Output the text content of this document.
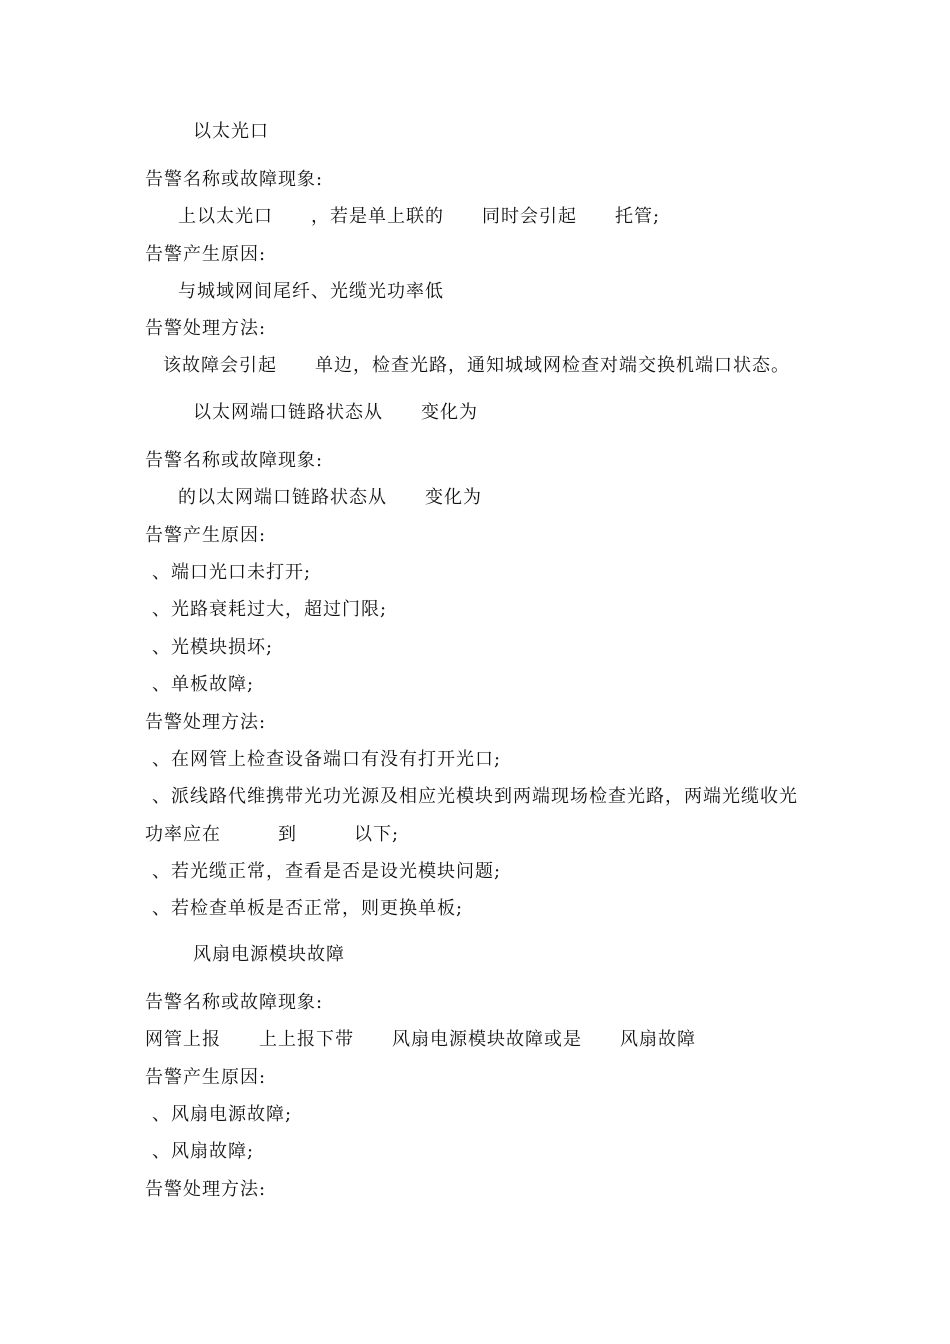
以太光口
告警名称或故障现象:
上以太光口　　，若是单上联的　　同时会引起　　托管;
告警产生原因:
与城域网间尾纤、光缆光功率低
告警处理方法:
该故障会引起　　单边，检查光路，通知城域网检查对端交换机端口状态。
以太网端口链路状态从　　变化为
告警名称或故障现象:
的以太网端口链路状态从　　变化为
告警产生原因:
、端口光口未打开;
、光路衰耗过大，超过门限;
、光模块损坏;
、单板故障;
告警处理方法:
、在网管上检查设备端口有没有打开光口;
、派线路代维携带光功光源及相应光模块到两端现场检查光路，两端光缆收光
功率应在　　　到　　　以下;
、若光缆正常，查看是否是设光模块问题;
、若检查单板是否正常，则更换单板;
风扇电源模块故障
告警名称或故障现象:
网管上报　　上上报下带　　风扇电源模块故障或是　　风扇故障
告警产生原因:
、风扇电源故障;
、风扇故障;
告警处理方法:
